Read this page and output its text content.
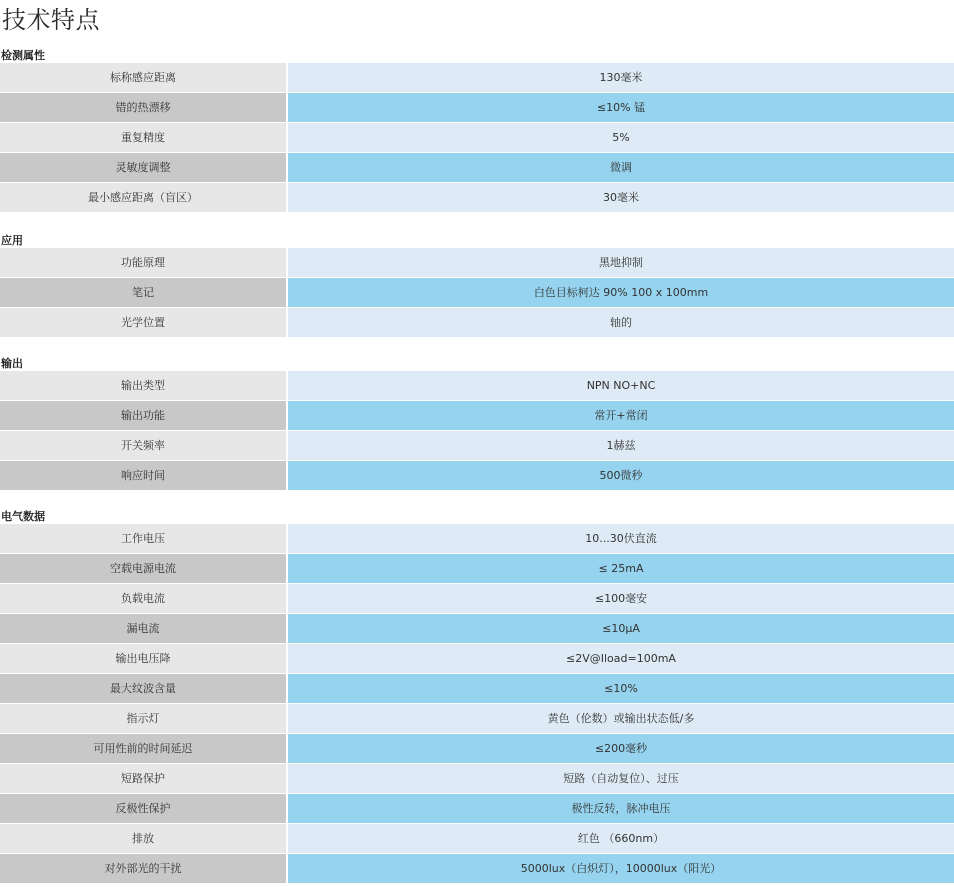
技术特点
检测属性
标称感应距离	130毫米
错的热漂移	≤10% 锰
重复精度	5%
灵敏度调整	微调
最小感应距离（盲区）	30毫米
应用
功能原理	黑地抑制
笔记	白色目标柯达 90% 100 x 100mm
光学位置	轴的
输出
输出类型	NPN NO+NC
输出功能	常开+常闭
开关频率	1赫兹
响应时间	500微秒
电气数据
工作电压	10...30伏直流
空载电源电流	≤ 25mA
负载电流	≤100毫安
漏电流	≤10μA
输出电压降	≤2V@Iload=100mA
最大纹波含量	≤10%
指示灯	黄色（伦数）或输出状态低/多
可用性前的时间延迟	≤200毫秒
短路保护	短路（自动复位）、过压
反极性保护	极性反转，脉冲电压
排放	红色 （660nm）
对外部光的干扰	5000lux（白炽灯），10000lux（阳光）
